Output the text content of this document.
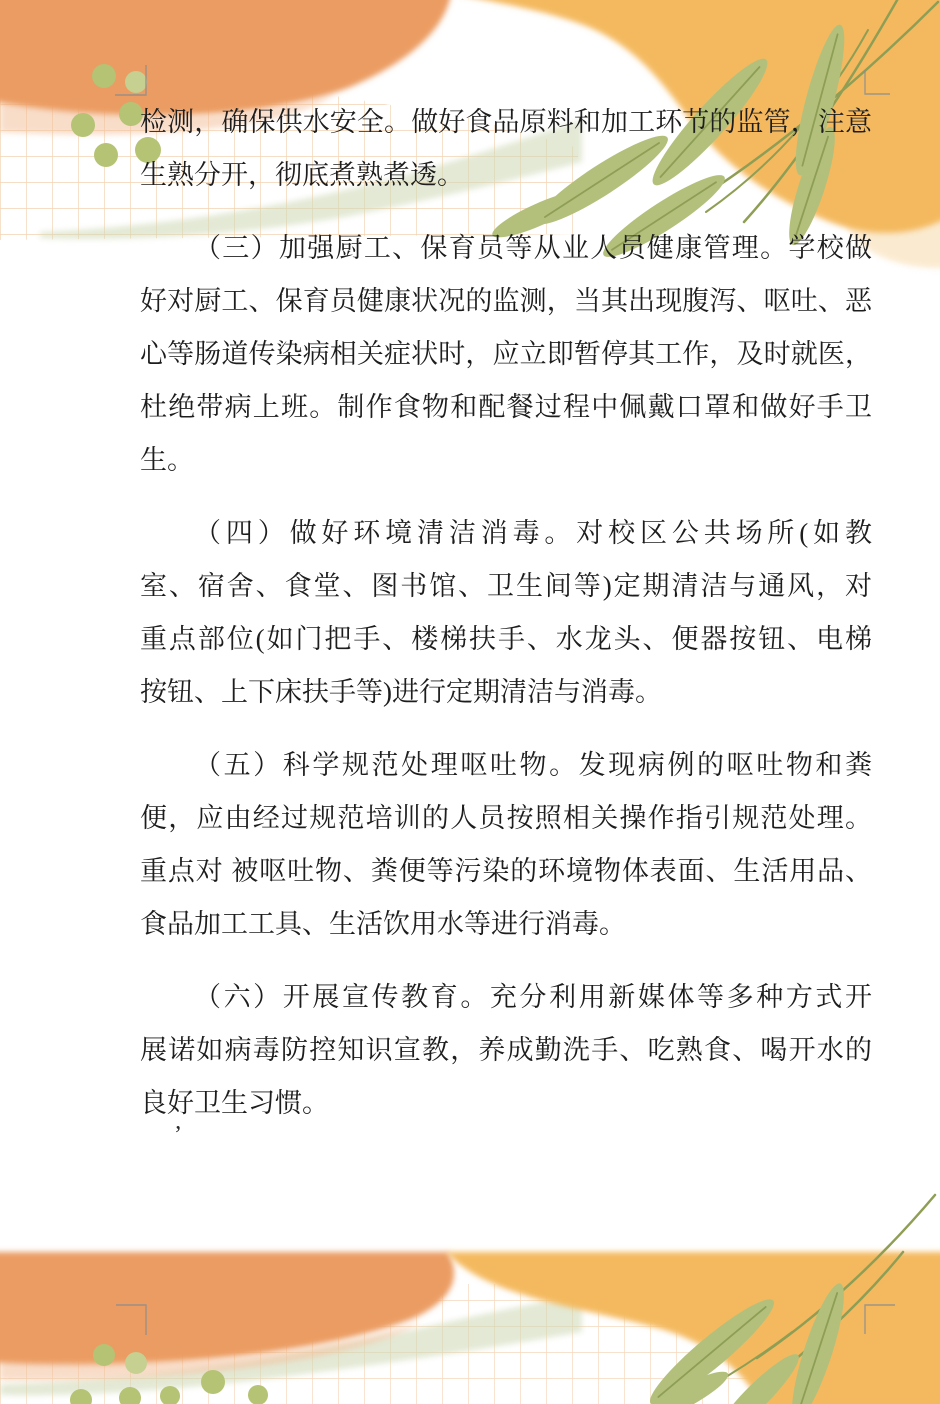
检测，确保供水安全。做好食品原料和加工环节的监管，注意
生熟分开，彻底煮熟煮透。
（三）加强厨工、保育员等从业人员健康管理。学校做
好对厨工、保育员健康状况的监测，当其出现腹泻、呕吐、恶
心等肠道传染病相关症状时，应立即暂停其工作，及时就医，
杜绝带病上班。制作食物和配餐过程中佩戴口罩和做好手卫
生。
（四）做好环境清洁消毒。对校区公共场所(如教
室、宿舍、食堂、图书馆、卫生间等)定期清洁与通风，对
重点部位(如门把手、楼梯扶手、水龙头、便器按钮、电梯
按钮、上下床扶手等)进行定期清洁与消毒。
（五）科学规范处理呕吐物。发现病例的呕吐物和粪
便，应由经过规范培训的人员按照相关操作指引规范处理。
重点对 被呕吐物、粪便等污染的环境物体表面、生活用品、
食品加工工具、生活饮用水等进行消毒。
（六）开展宣传教育。充分利用新媒体等多种方式开
展诺如病毒防控知识宣教，养成勤洗手、吃熟食、喝开水的
良好卫生习惯。
’
